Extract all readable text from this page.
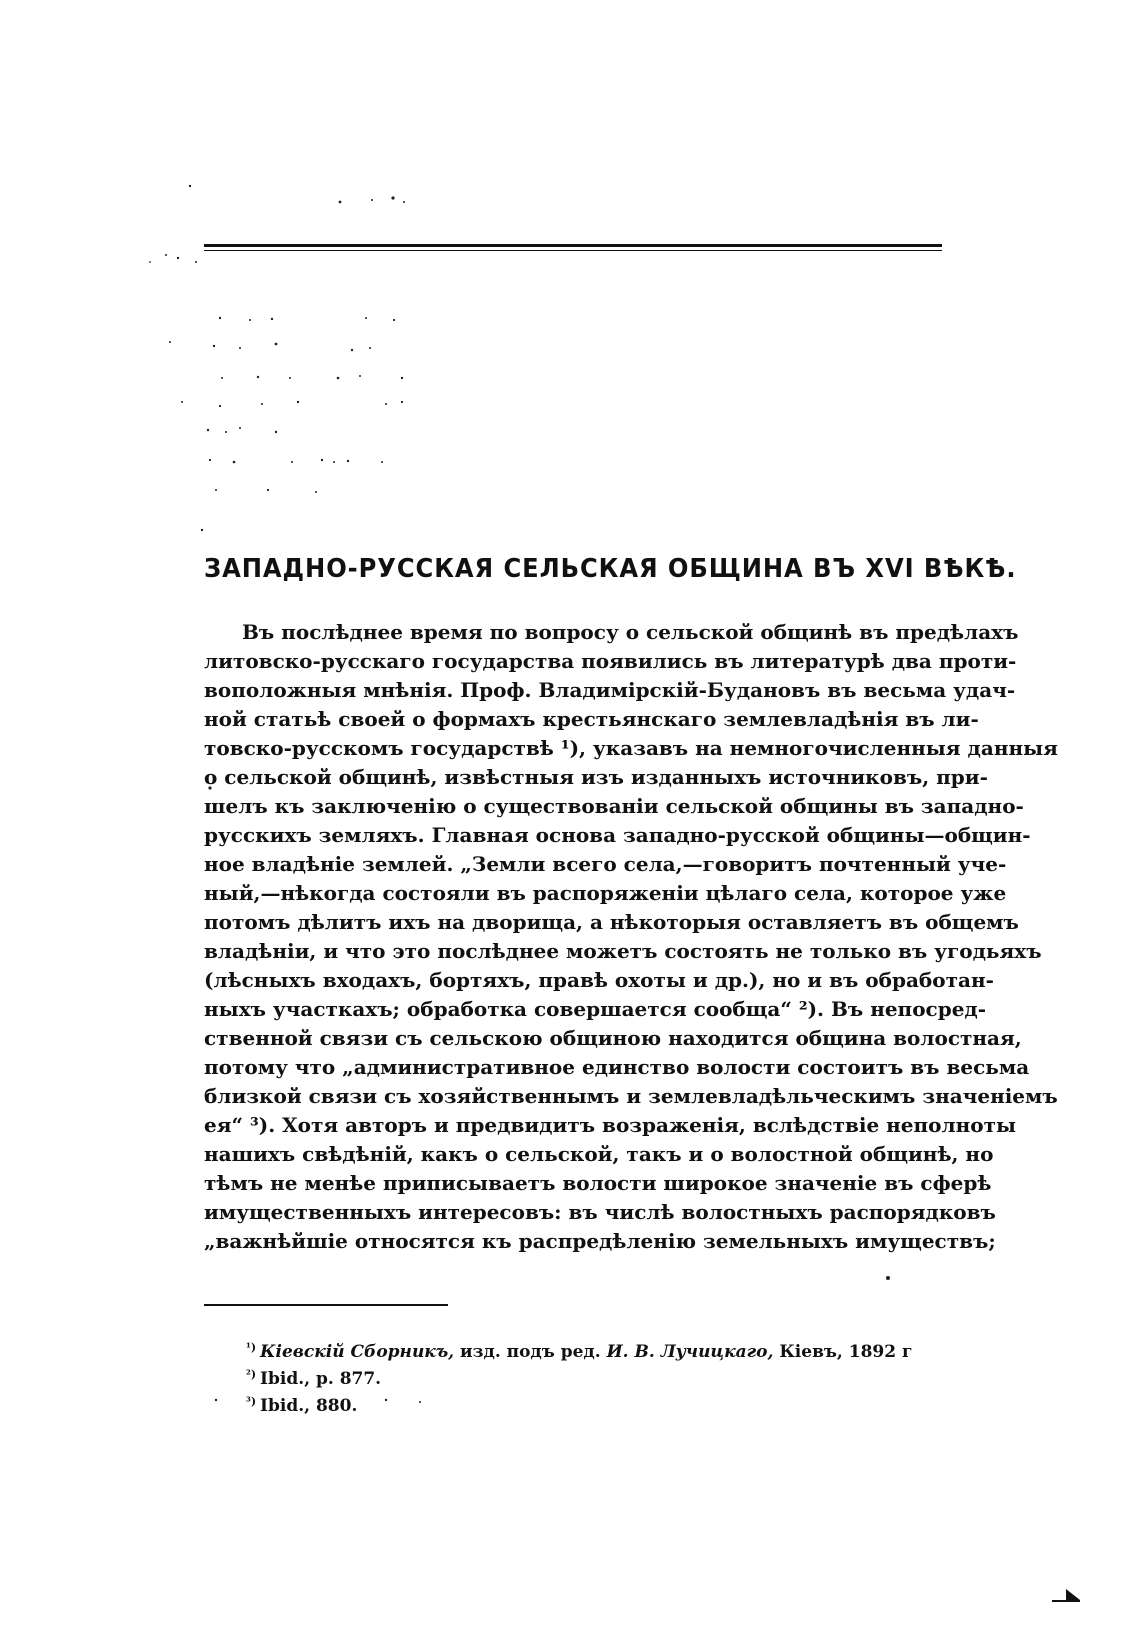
ЗАПАДНО-РУССКАЯ СЕЛЬСКАЯ ОБЩИНА ВЪ XVI ВѢКѢ.
Въ послѣднее время по вопросу о сельской общинѣ въ предѣлахъ
литовско-русскаго государства появились въ литературѣ два проти-
воположныя мнѣнія. Проф. Владимірскій-Будановъ въ весьма удач-
ной статьѣ своей о формахъ крестьянскаго землевладѣнія въ ли-
товско-русскомъ государствѣ ¹), указавъ на немногочисленныя данныя
о сельской общинѣ, извѣстныя изъ изданныхъ источниковъ, при-
шелъ къ заключенію о существованіи сельской общины въ западно-
русскихъ земляхъ. Главная основа западно-русской общины—общин-
ное владѣніе землей. „Земли всего села,—говоритъ почтенный уче-
ный,—нѣкогда состояли въ распоряженіи цѣлаго села, которое уже
потомъ дѣлитъ ихъ на дворища, а нѣкоторыя оставляетъ въ общемъ
владѣніи, и что это послѣднее можетъ состоять не только въ угодьяхъ
(лѣсныхъ входахъ, бортяхъ, правѣ охоты и др.), но и въ обработан-
ныхъ участкахъ; обработка совершается сообща“ ²). Въ непосред-
ственной связи съ сельскою общиною находится община волостная,
потому что „административное единство волости состоитъ въ весьма
близкой связи съ хозяйственнымъ и землевладѣльческимъ значеніемъ
ея“ ³). Хотя авторъ и предвидитъ возраженія, вслѣдствіе неполноты
нашихъ свѣдѣній, какъ о сельской, такъ и о волостной общинѣ, но
тѣмъ не менѣе приписываетъ волости широкое значеніе въ сферѣ
имущественныхъ интересовъ: въ числѣ волостныхъ распорядковъ
„важнѣйшіе относятся къ распредѣленію земельныхъ имуществъ;
$^{^1)}$ Кіевскій Сборникъ, изд. подъ ред. И. В. Лучицкаго, Кіевъ, 1892 г
$^{^2)}$ Ibid., p. 877.
$^{^3)}$ Ibid., 880.
